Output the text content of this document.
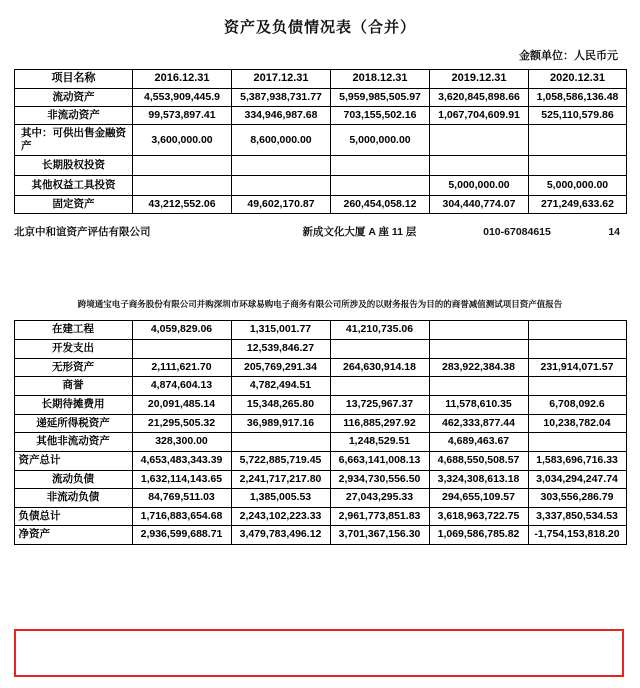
资产及负债情况表（合并）
金额单位：人民币元
项目名称	2016.12.31	2017.12.31	2018.12.31	2019.12.31	2020.12.31
流动资产	4,553,909,445.9	5,387,938,731.77	5,959,985,505.97	3,620,845,898.66	1,058,586,136.48
非流动资产	99,573,897.41	334,946,987.68	703,155,502.16	1,067,704,609.91	525,110,579.86
其中：可供出售金融资产	3,600,000.00	8,600,000.00	5,000,000.00		
长期股权投资					
其他权益工具投资				5,000,000.00	5,000,000.00
固定资产	43,212,552.06	49,602,170.87	260,454,058.12	304,440,774.07	271,249,633.62
北京中和谊资产评估有限公司	新成文化大厦 A 座 11 层	010-67084615	14
跨境通宝电子商务股份有限公司并购深圳市环球易购电子商务有限公司所涉及的以财务报告为目的的商誉减值测试项目资产值报告
在建工程	4,059,829.06	1,315,001.77	41,210,735.06		
开发支出		12,539,846.27			
无形资产	2,111,621.70	205,769,291.34	264,630,914.18	283,922,384.38	231,914,071.57
商誉	4,874,604.13	4,782,494.51			
长期待摊费用	20,091,485.14	15,348,265.80	13,725,967.37	11,578,610.35	6,708,092.6
递延所得税资产	21,295,505.32	36,989,917.16	116,885,297.92	462,333,877.44	10,238,782.04
其他非流动资产	328,300.00		1,248,529.51	4,689,463.67	
资产总计	4,653,483,343.39	5,722,885,719.45	6,663,141,008.13	4,688,550,508.57	1,583,696,716.33
流动负债	1,632,114,143.65	2,241,717,217.80	2,934,730,556.50	3,324,308,613.18	3,034,294,247.74
非流动负债	84,769,511.03	1,385,005.53	27,043,295.33	294,655,109.57	303,556,286.79
负债总计	1,716,883,654.68	2,243,102,223.33	2,961,773,851.83	3,618,963,722.75	3,337,850,534.53
净资产	2,936,599,688.71	3,479,783,496.12	3,701,367,156.30	1,069,586,785.82	-1,754,153,818.20
